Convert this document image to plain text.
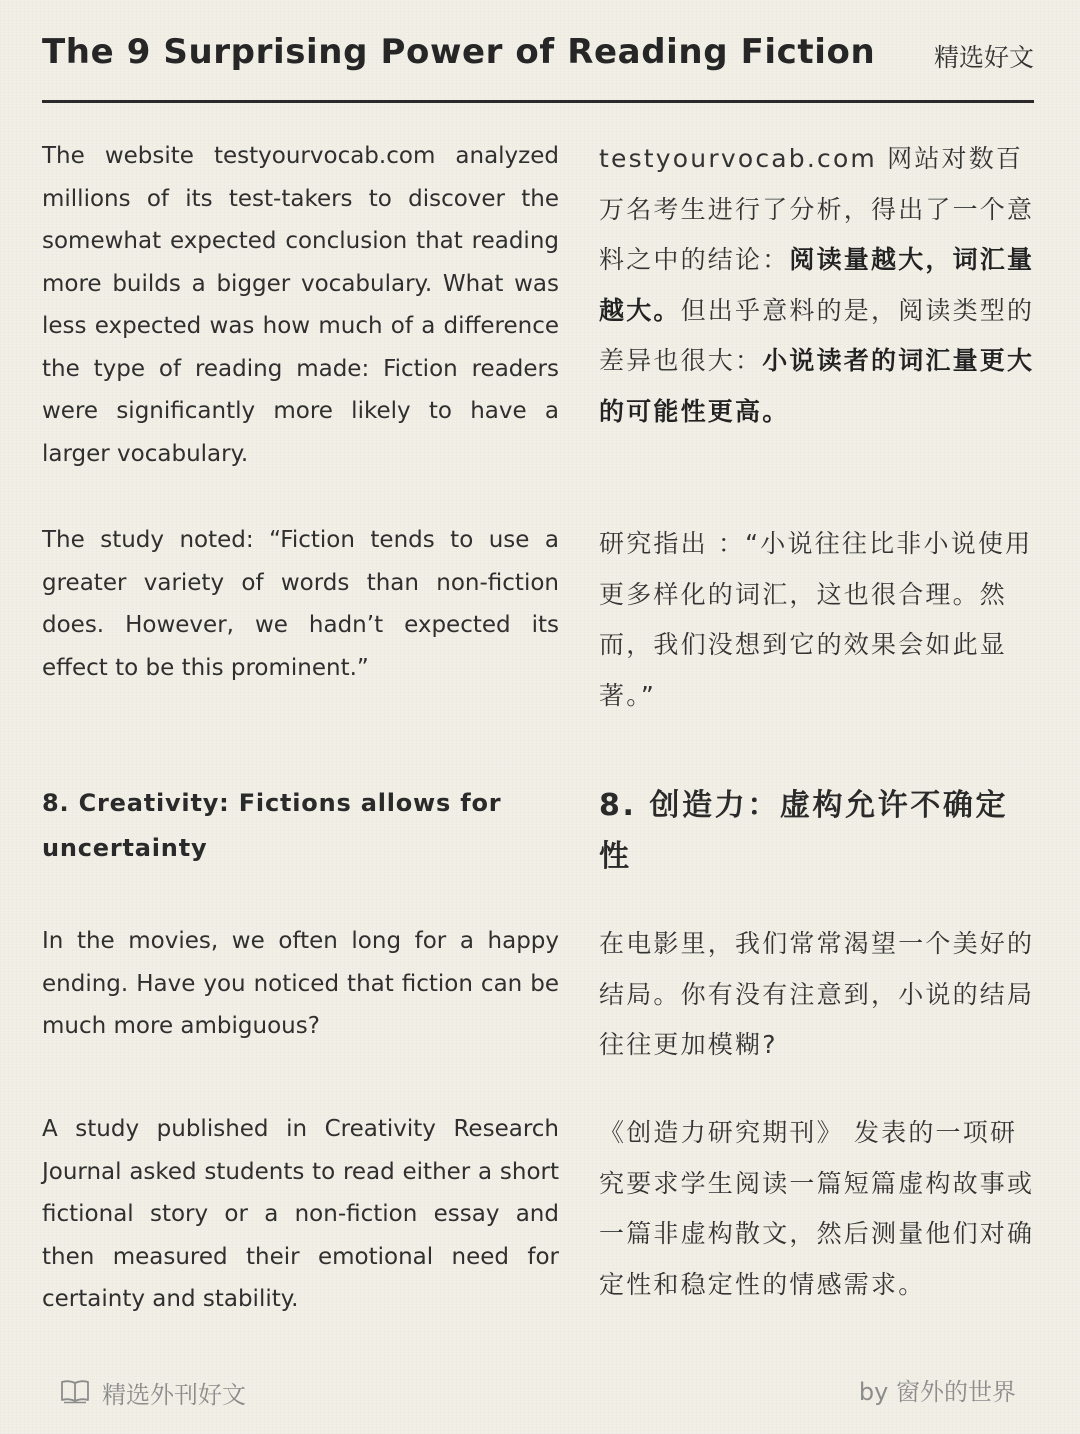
The 9 Surprising Power of Reading Fiction 精选好文

The website testyourvocab.com analyzed millions of its test-takers to discover the somewhat expected conclusion that reading more builds a bigger vocabulary. What was less expected was how much of a difference the type of reading made: Fiction readers were significantly more likely to have a larger vocabulary.

testyourvocab.com 网站对数百万名考生进行了分析，得出了一个意料之中的结论：阅读量越大，词汇量越大。但出乎意料的是，阅读类型的差异也很大：小说读者的词汇量更大的可能性更高。

The study noted: “Fiction tends to use a greater variety of words than non-fiction does. However, we hadn’t expected its effect to be this prominent.”

研究指出 ：“小说往往比非小说使用更多样化的词汇，这也很合理。然而，我们没想到它的效果会如此显著。”

8. Creativity: Fictions allows for uncertainty

8. 创造力：虚构允许不确定性

In the movies, we often long for a happy ending. Have you noticed that fiction can be much more ambiguous?

在电影里，我们常常渴望一个美好的结局。你有没有注意到，小说的结局往往更加模糊?

A study published in Creativity Research Journal asked students to read either a short fictional story or a non-fiction essay and then measured their emotional need for certainty and stability.

《创造力研究期刊》 发表的一项研究要求学生阅读一篇短篇虚构故事或一篇非虚构散文，然后测量他们对确定性和稳定性的情感需求。

精选外刊好文	by 窗外的世界
